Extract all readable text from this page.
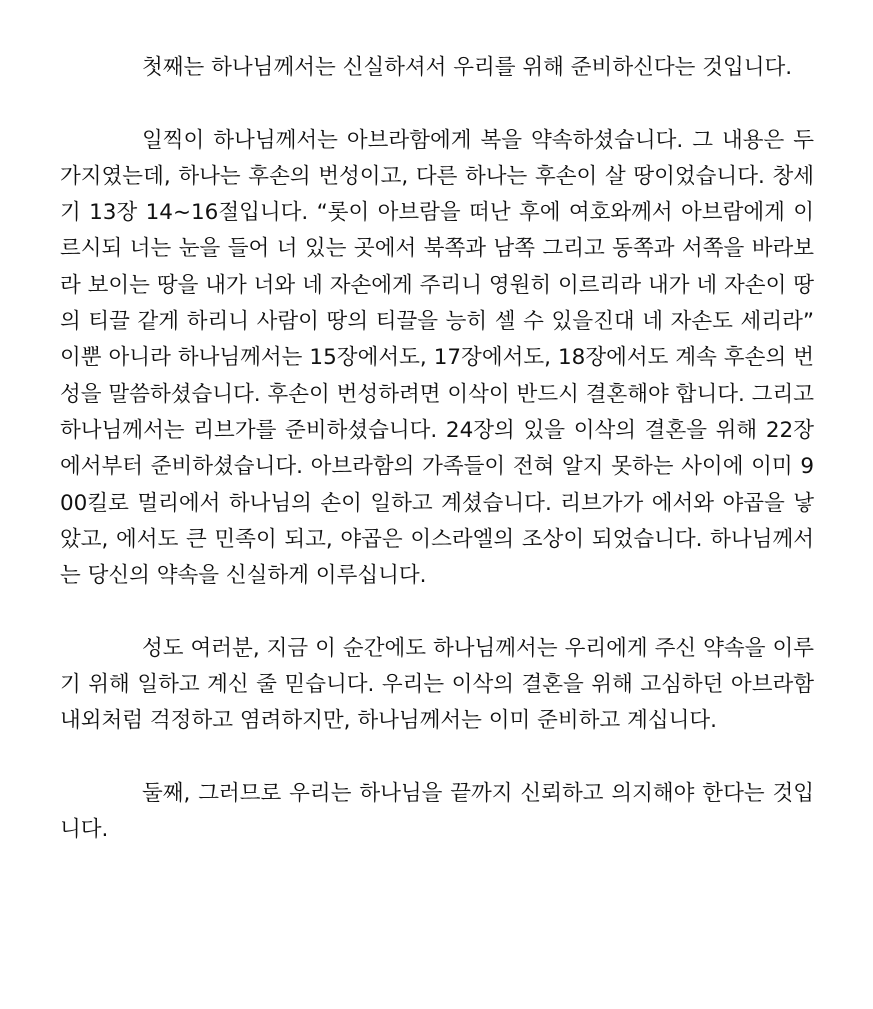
첫째는 하나님께서는 신실하셔서 우리를 위해 준비하신다는 것입니다.

일찍이 하나님께서는 아브라함에게 복을 약속하셨습니다. 그 내용은 두 가지였는데, 하나는 후손의 번성이고, 다른 하나는 후손이 살 땅이었습니다. 창세기 13장 14~16절입니다. “롯이 아브람을 떠난 후에 여호와께서 아브람에게 이르시되 너는 눈을 들어 너 있는 곳에서 북쪽과 남쪽 그리고 동쪽과 서쪽을 바라보라 보이는 땅을 내가 너와 네 자손에게 주리니 영원히 이르리라 내가 네 자손이 땅의 티끌 같게 하리니 사람이 땅의 티끌을 능히 셀 수 있을진대 네 자손도 세리라” 이뿐 아니라 하나님께서는 15장에서도, 17장에서도, 18장에서도 계속 후손의 번성을 말씀하셨습니다. 후손이 번성하려면 이삭이 반드시 결혼해야 합니다. 그리고 하나님께서는 리브가를 준비하셨습니다. 24장의 있을 이삭의 결혼을 위해 22장에서부터 준비하셨습니다. 아브라함의 가족들이 전혀 알지 못하는 사이에 이미 900킬로 멀리에서 하나님의 손이 일하고 계셨습니다. 리브가가 에서와 야곱을 낳았고, 에서도 큰 민족이 되고, 야곱은 이스라엘의 조상이 되었습니다. 하나님께서는 당신의 약속을 신실하게 이루십니다.

성도 여러분, 지금 이 순간에도 하나님께서는 우리에게 주신 약속을 이루기 위해 일하고 계신 줄 믿습니다. 우리는 이삭의 결혼을 위해 고심하던 아브라함 내외처럼 걱정하고 염려하지만, 하나님께서는 이미 준비하고 계십니다.

둘째, 그러므로 우리는 하나님을 끝까지 신뢰하고 의지해야 한다는 것입니다.
